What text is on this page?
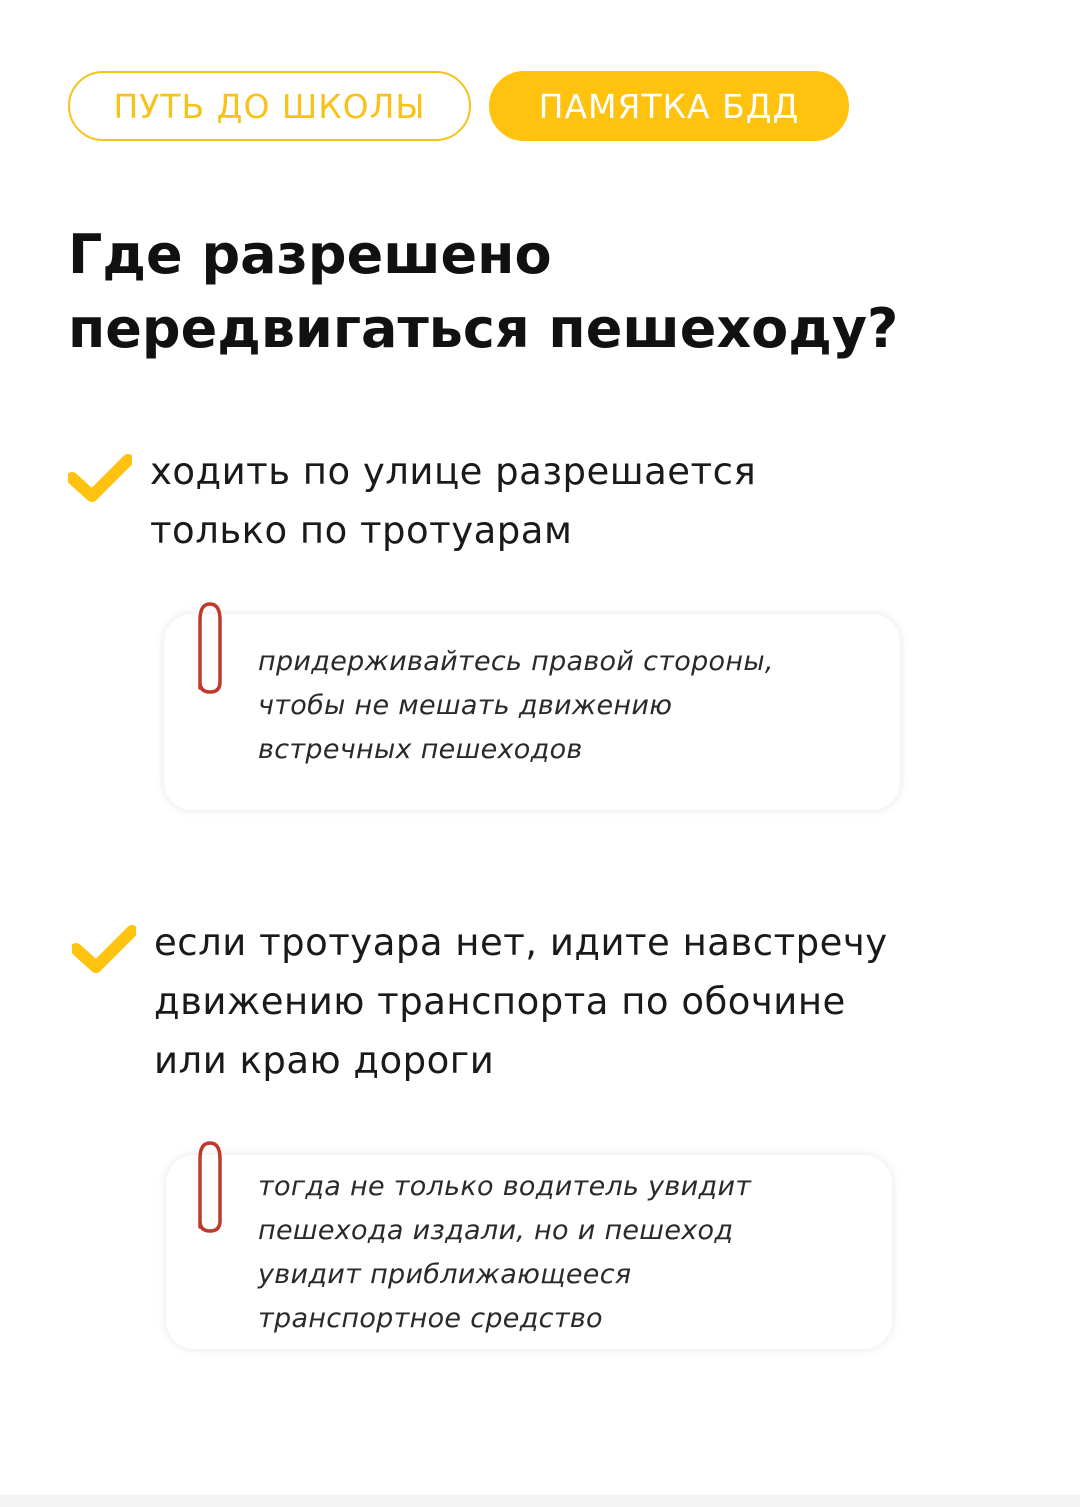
ПУТЬ ДО ШКОЛЫ	ПАМЯТКА БДД
Где разрешено
передвигаться пешеходу?
ходить по улице разрешается
только по тротуарам
придерживайтесь правой стороны,
чтобы не мешать движению
встречных пешеходов
если тротуара нет, идите навстречу
движению транспорта по обочине
или краю дороги
тогда не только водитель увидит
пешехода издали, но и пешеход
увидит приближающееся
транспортное средство
